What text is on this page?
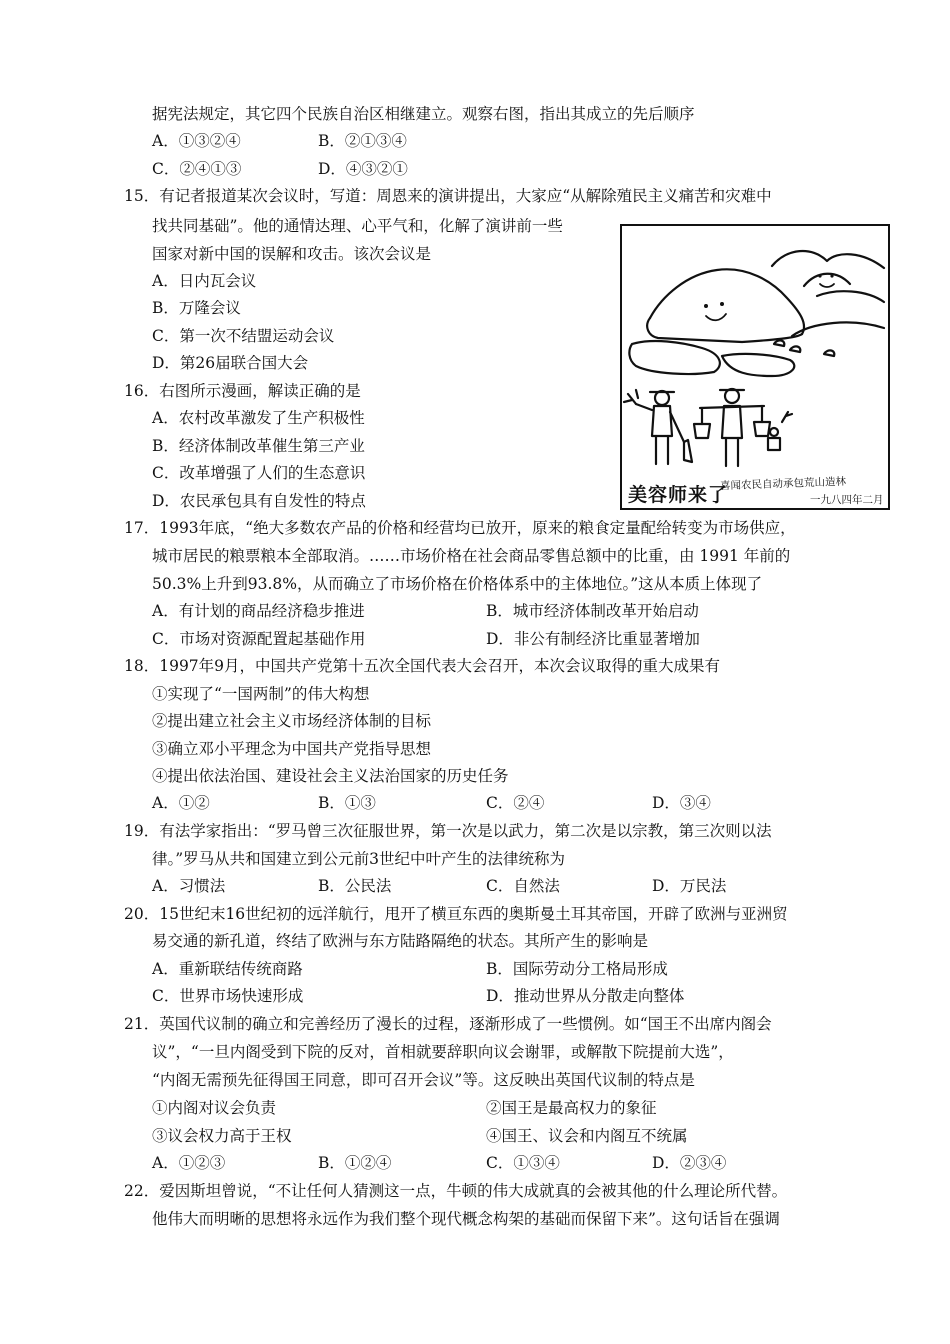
据宪法规定，其它四个民族自治区相继建立。观察右图，指出其成立的先后顺序
A．①③②④	B．②①③④
C．②④①③	D．④③②①
15．有记者报道某次会议时，写道：周恩来的演讲提出，大家应“从解除殖民主义痛苦和灾难中
找共同基础”。他的通情达理、心平气和，化解了演讲前一些
国家对新中国的误解和攻击。该次会议是
A．日内瓦会议
B．万隆会议
C．第一次不结盟运动会议
D．第26届联合国大会
16．右图所示漫画，解读正确的是
A．农村改革激发了生产积极性
B．经济体制改革催生第三产业
C．改革增强了人们的生态意识
D．农民承包具有自发性的特点	美容师来了
喜闻农民自动承包荒山造林
一九八四年二月
17．1993年底，“绝大多数农产品的价格和经营均已放开，原来的粮食定量配给转变为市场供应，
城市居民的粮票粮本全部取消。……市场价格在社会商品零售总额中的比重，由 1991 年前的
50.3%上升到93.8%，从而确立了市场价格在价格体系中的主体地位。”这从本质上体现了
A．有计划的商品经济稳步推进	B．城市经济体制改革开始启动
C．市场对资源配置起基础作用	D．非公有制经济比重显著增加
18．1997年9月，中国共产党第十五次全国代表大会召开，本次会议取得的重大成果有
①实现了“一国两制”的伟大构想
②提出建立社会主义市场经济体制的目标
③确立邓小平理念为中国共产党指导思想
④提出依法治国、建设社会主义法治国家的历史任务
A．①②	B．①③	C．②④	D．③④
19．有法学家指出：“罗马曾三次征服世界，第一次是以武力，第二次是以宗教，第三次则以法
律。”罗马从共和国建立到公元前3世纪中叶产生的法律统称为
A．习惯法	B．公民法	C．自然法	D．万民法
20．15世纪末16世纪初的远洋航行，甩开了横亘东西的奥斯曼土耳其帝国，开辟了欧洲与亚洲贸
易交通的新孔道，终结了欧洲与东方陆路隔绝的状态。其所产生的影响是
A．重新联结传统商路	B．国际劳动分工格局形成
C．世界市场快速形成	D．推动世界从分散走向整体
21．英国代议制的确立和完善经历了漫长的过程，逐渐形成了一些惯例。如“国王不出席内阁会
议”，“一旦内阁受到下院的反对，首相就要辞职向议会谢罪，或解散下院提前大选”，
“内阁无需预先征得国王同意，即可召开会议”等。这反映出英国代议制的特点是
①内阁对议会负责	②国王是最高权力的象征
③议会权力高于王权	④国王、议会和内阁互不统属
A．①②③	B．①②④	C．①③④	D．②③④
22．爱因斯坦曾说，“不让任何人猜测这一点，牛顿的伟大成就真的会被其他的什么理论所代替。
他伟大而明晰的思想将永远作为我们整个现代概念构架的基础而保留下来”。这句话旨在强调
